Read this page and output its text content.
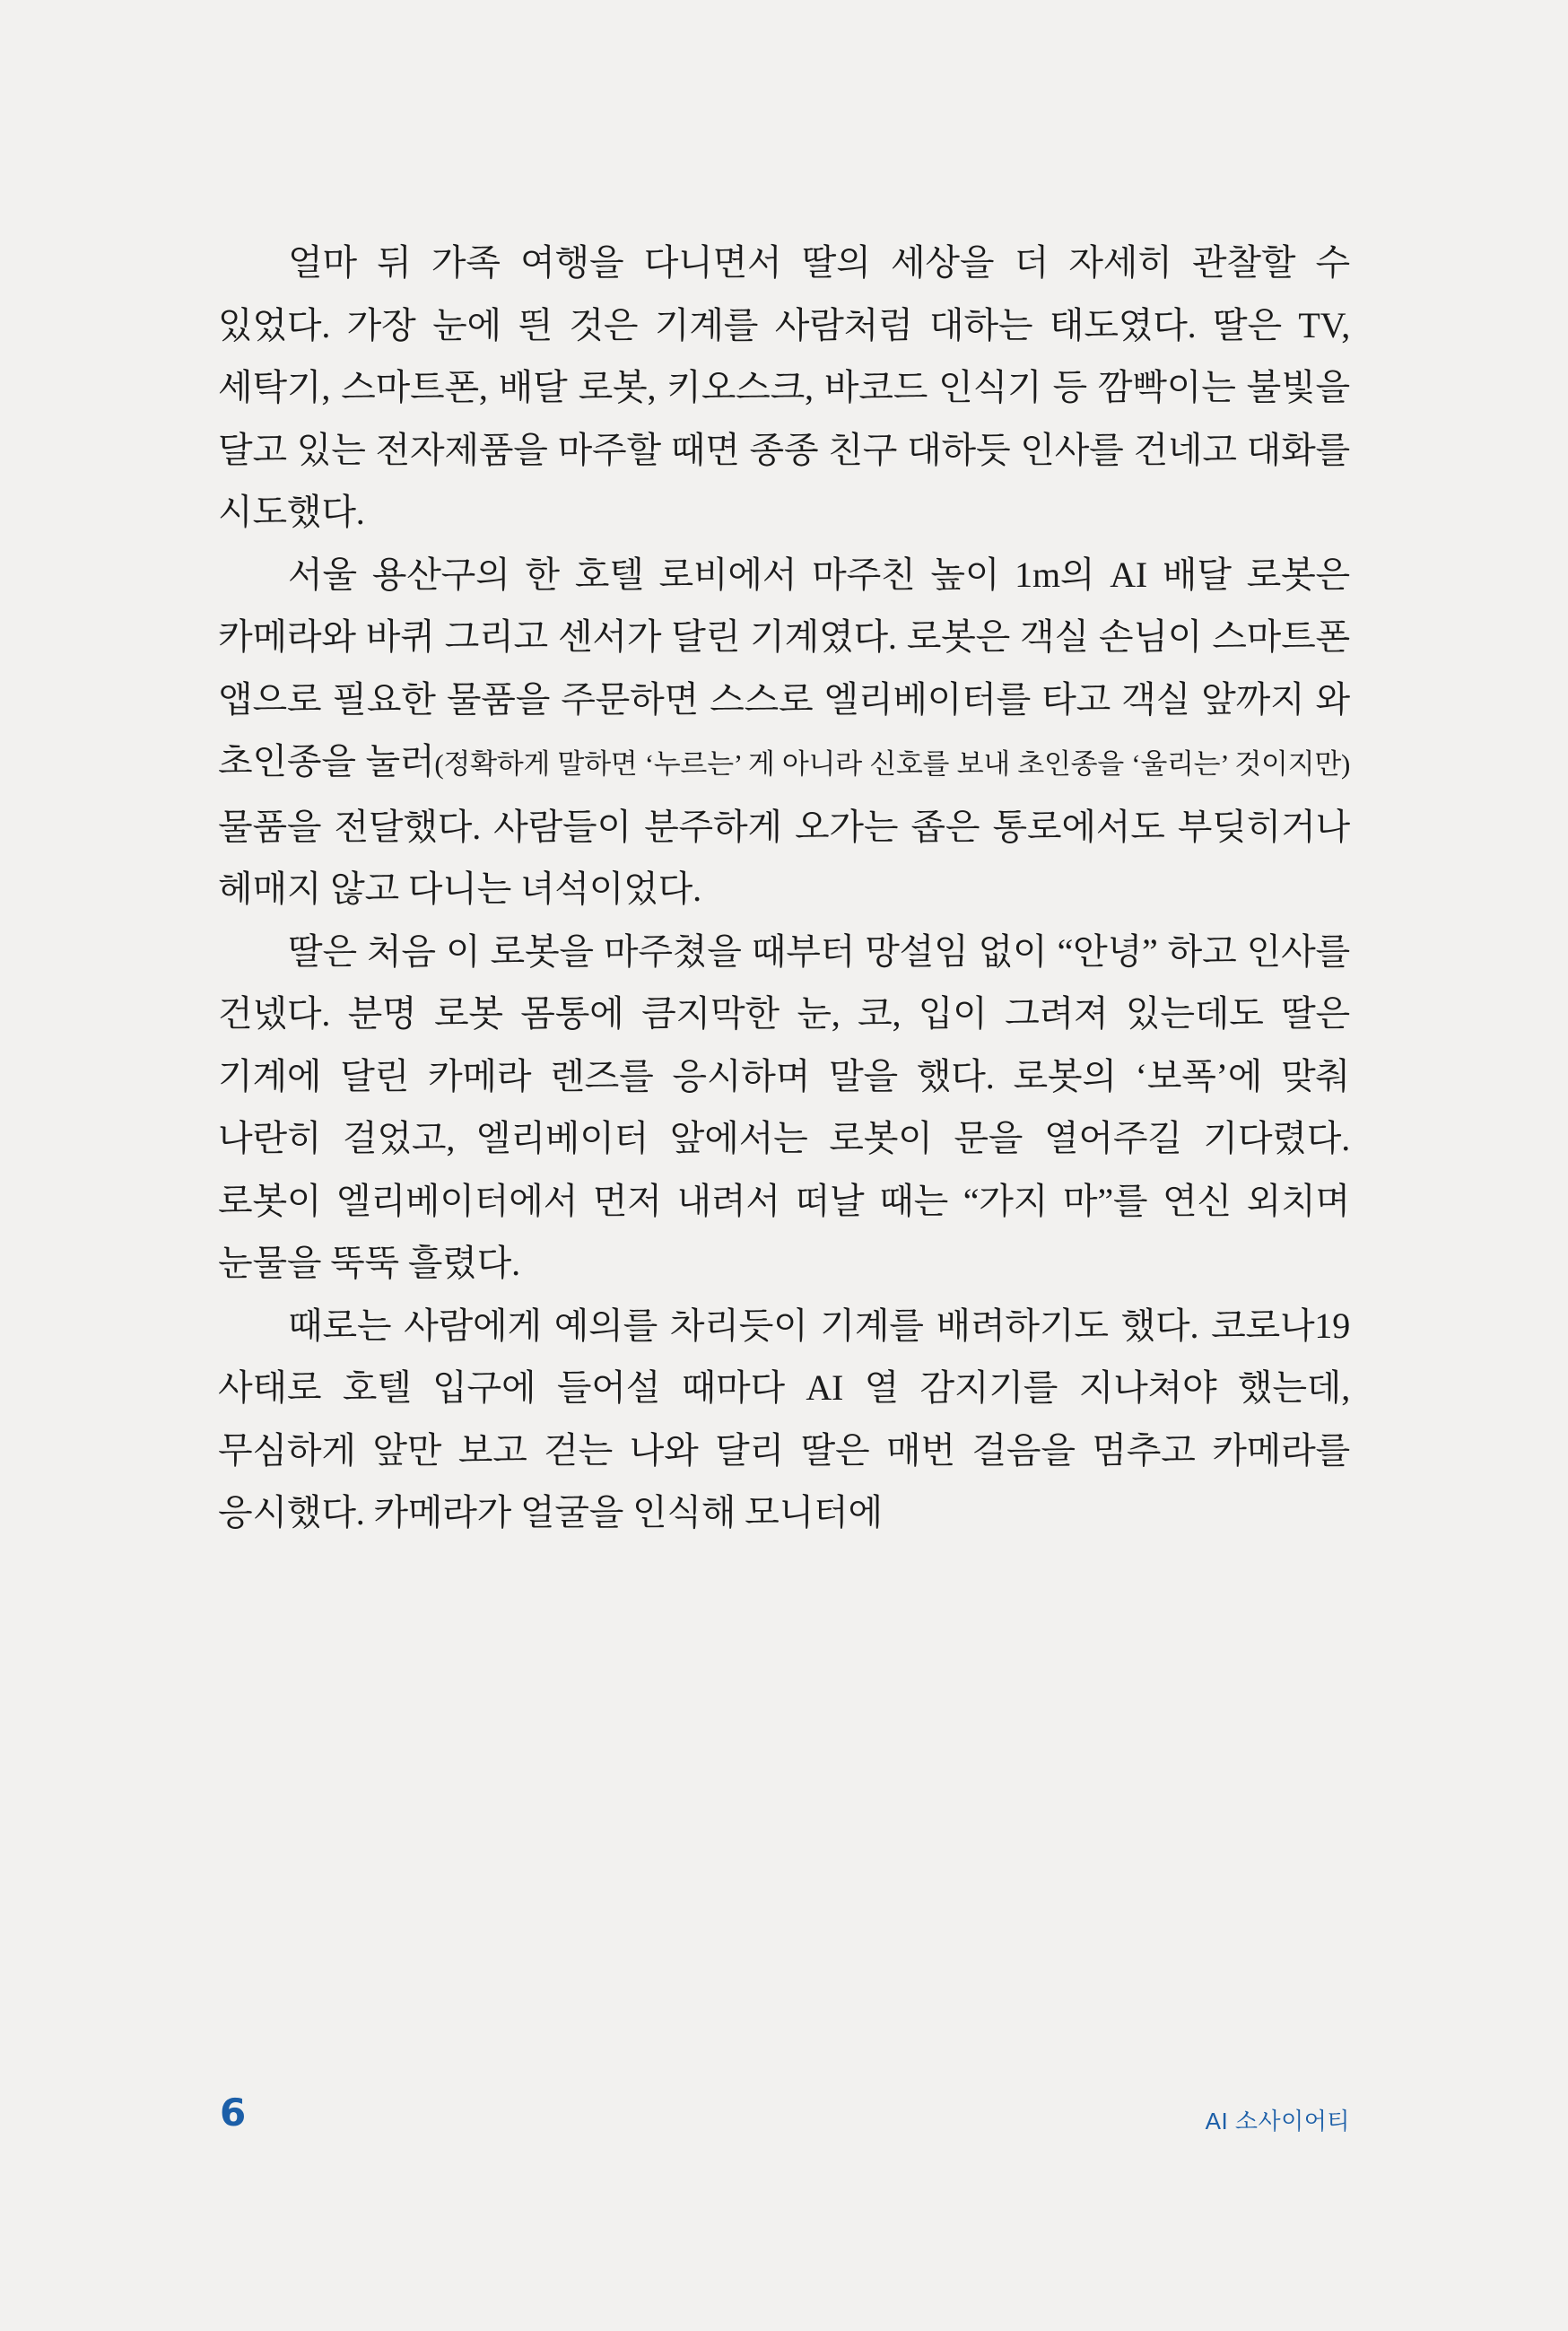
얼마 뒤 가족 여행을 다니면서 딸의 세상을 더 자세히 관찰할 수 있었다. 가장 눈에 띈 것은 기계를 사람처럼 대하는 태도였다. 딸은 TV, 세탁기, 스마트폰, 배달 로봇, 키오스크, 바코드 인식기 등 깜빡이는 불빛을 달고 있는 전자제품을 마주할 때면 종종 친구 대하듯 인사를 건네고 대화를 시도했다.

서울 용산구의 한 호텔 로비에서 마주친 높이 1m의 AI 배달 로봇은 카메라와 바퀴 그리고 센서가 달린 기계였다. 로봇은 객실 손님이 스마트폰 앱으로 필요한 물품을 주문하면 스스로 엘리베이터를 타고 객실 앞까지 와 초인종을 눌러(정확하게 말하면 ‘누르는’ 게 아니라 신호를 보내 초인종을 ‘울리는’ 것이지만) 물품을 전달했다. 사람들이 분주하게 오가는 좁은 통로에서도 부딪히거나 헤매지 않고 다니는 녀석이었다.

딸은 처음 이 로봇을 마주쳤을 때부터 망설임 없이 “안녕” 하고 인사를 건넸다. 분명 로봇 몸통에 큼지막한 눈, 코, 입이 그려져 있는데도 딸은 기계에 달린 카메라 렌즈를 응시하며 말을 했다. 로봇의 ‘보폭’에 맞춰 나란히 걸었고, 엘리베이터 앞에서는 로봇이 문을 열어주길 기다렸다. 로봇이 엘리베이터에서 먼저 내려서 떠날 때는 “가지 마”를 연신 외치며 눈물을 뚝뚝 흘렸다.

때로는 사람에게 예의를 차리듯이 기계를 배려하기도 했다. 코로나19 사태로 호텔 입구에 들어설 때마다 AI 열 감지기를 지나쳐야 했는데, 무심하게 앞만 보고 걷는 나와 달리 딸은 매번 걸음을 멈추고 카메라를 응시했다. 카메라가 얼굴을 인식해 모니터에

6	AI 소사이어티
